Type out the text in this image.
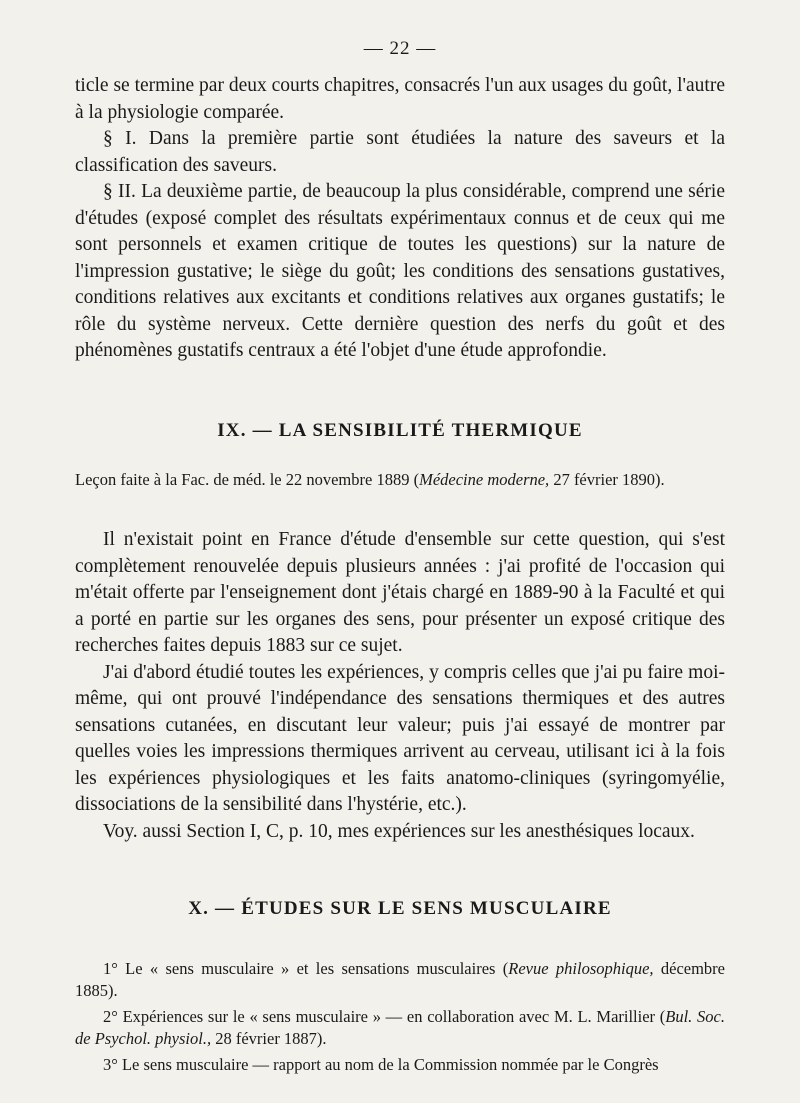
— 22 —

ticle se termine par deux courts chapitres, consacrés l'un aux usages du goût, l'autre à la physiologie comparée.

§ I. Dans la première partie sont étudiées la nature des saveurs et la classification des saveurs.

§ II. La deuxième partie, de beaucoup la plus considérable, comprend une série d'études (exposé complet des résultats expérimentaux connus et de ceux qui me sont personnels et examen critique de toutes les questions) sur la nature de l'impression gustative; le siège du goût; les conditions des sensations gustatives, conditions relatives aux excitants et conditions relatives aux organes gustatifs; le rôle du système nerveux. Cette dernière question des nerfs du goût et des phénomènes gustatifs centraux a été l'objet d'une étude approfondie.

IX. — LA SENSIBILITÉ THERMIQUE
Leçon faite à la Fac. de méd. le 22 novembre 1889 (Médecine moderne, 27 février 1890).

Il n'existait point en France d'étude d'ensemble sur cette question, qui s'est complètement renouvelée depuis plusieurs années : j'ai profité de l'occasion qui m'était offerte par l'enseignement dont j'étais chargé en 1889-90 à la Faculté et qui a porté en partie sur les organes des sens, pour présenter un exposé critique des recherches faites depuis 1883 sur ce sujet.

J'ai d'abord étudié toutes les expériences, y compris celles que j'ai pu faire moi-même, qui ont prouvé l'indépendance des sensations thermiques et des autres sensations cutanées, en discutant leur valeur; puis j'ai essayé de montrer par quelles voies les impressions thermiques arrivent au cerveau, utilisant ici à la fois les expériences physiologiques et les faits anatomo-cliniques (syringomyélie, dissociations de la sensibilité dans l'hystérie, etc.).

Voy. aussi Section I, C, p. 10, mes expériences sur les anesthésiques locaux.

X. — ÉTUDES SUR LE SENS MUSCULAIRE

1° Le « sens musculaire » et les sensations musculaires (Revue philosophique, décembre 1885).

2° Expériences sur le « sens musculaire » — en collaboration avec M. L. Marillier (Bul. Soc. de Psychol. physiol., 28 février 1887).

3° Le sens musculaire — rapport au nom de la Commission nommée par le Congrès
